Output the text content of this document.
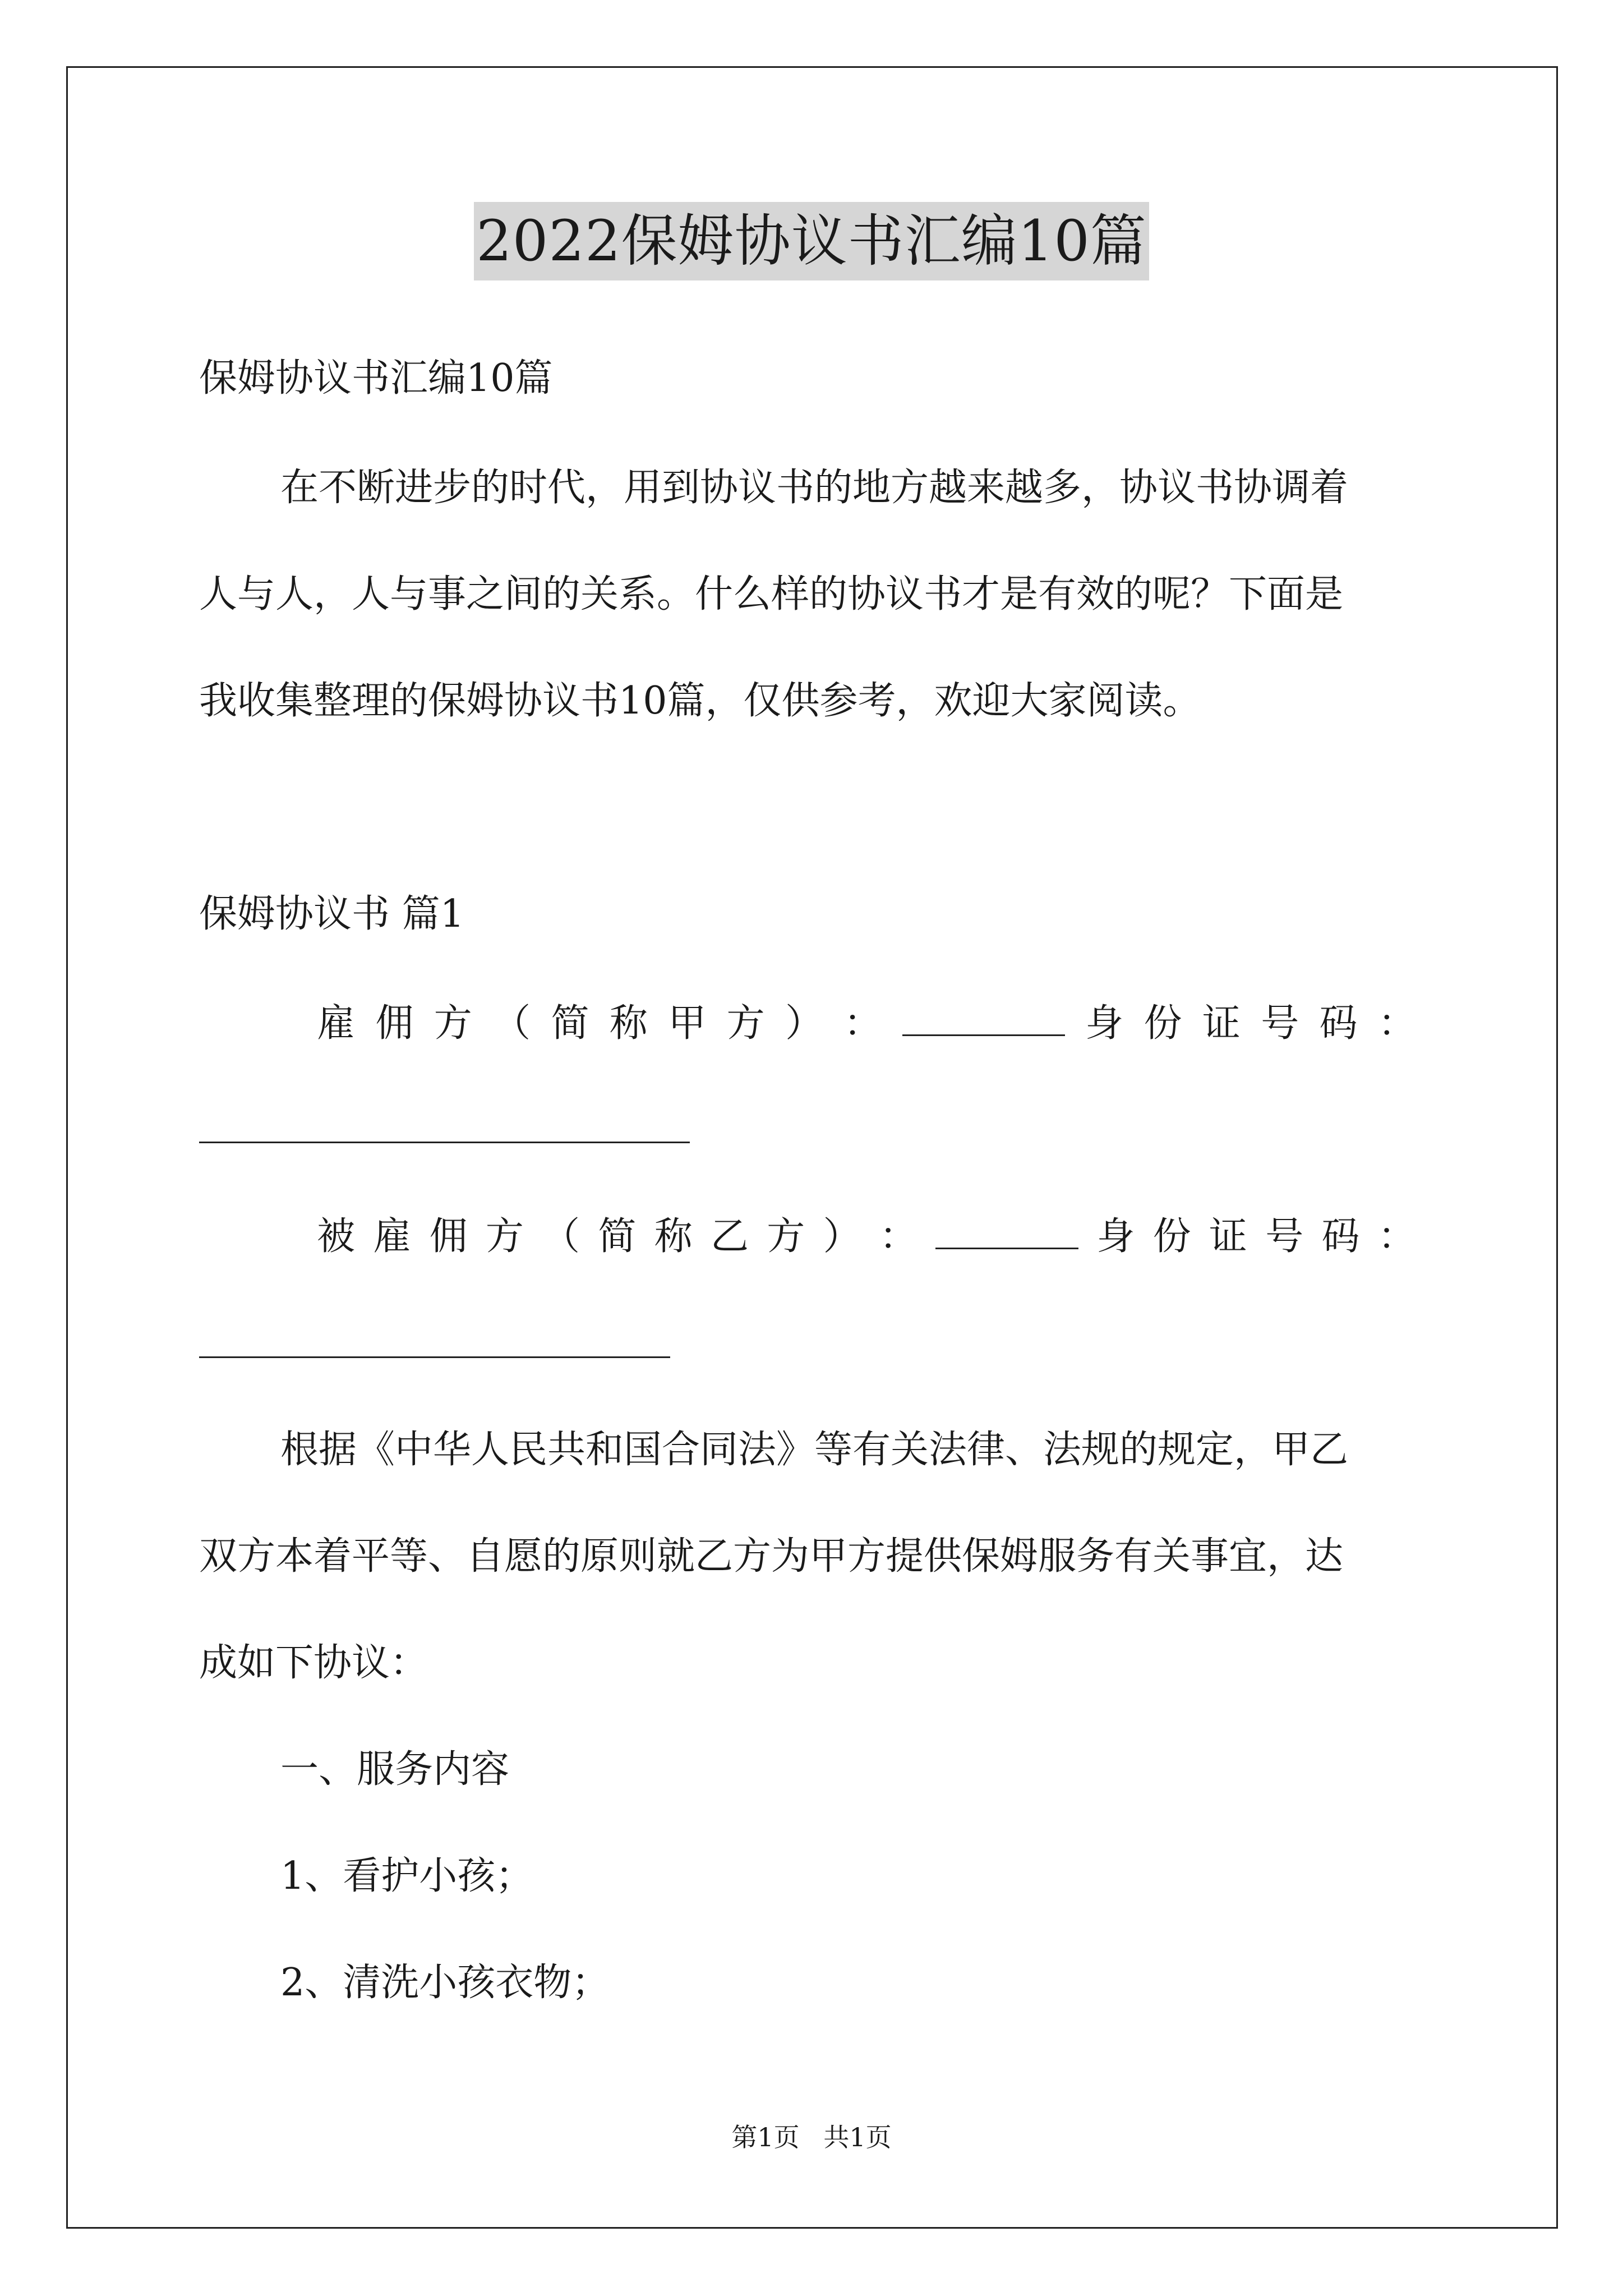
2022保姆协议书汇编10篇
保姆协议书汇编10篇
在不断进步的时代，用到协议书的地方越来越多，协议书协调着
人与人，人与事之间的关系。什么样的协议书才是有效的呢？下面是
我收集整理的保姆协议书10篇，仅供参考，欢迎大家阅读。
保姆协议书 篇1
雇 佣 方 （ 简 称 甲 方 ） ：	身 份 证 号 码 ：
被 雇 佣 方 （ 简 称 乙 方 ） ：	身 份 证 号 码 ：
根据《中华人民共和国合同法》等有关法律、法规的规定，甲乙
双方本着平等、自愿的原则就乙方为甲方提供保姆服务有关事宜，达
成如下协议：
一、服务内容
1、看护小孩；
2、清洗小孩衣物；
第1页 共1页
